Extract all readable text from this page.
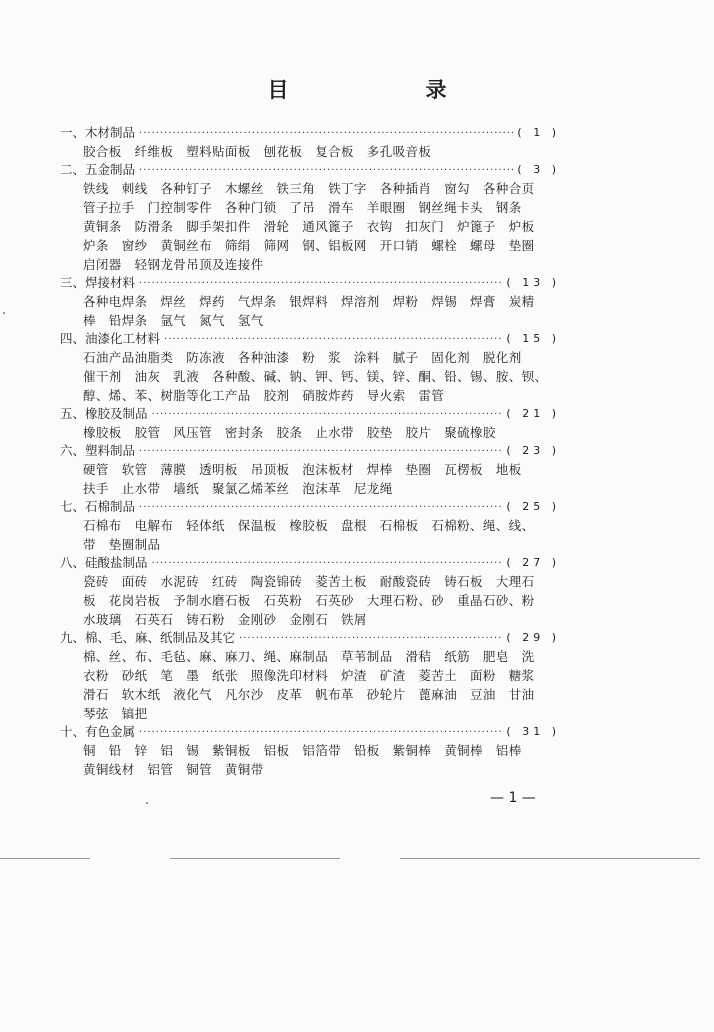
目　录
一、木材制品 ·····	( 1 )
胶合板　纤维板　塑料贴面板　刨花板　复合板　多孔吸音板
二、五金制品 ·····	( 3 )
铁线　刺线　各种钉子　木螺丝　铁三角　铁丁字　各种插肖　窗勾　各种合页
管子拉手　门控制零件　各种门锁　了吊　滑车　羊眼圈　钢丝绳卡头　钢条
黄铜条　防滑条　脚手架扣件　滑轮　通风篦子　衣钩　扣灰门　炉篦子　炉板
炉条　窗纱　黄铜丝布　筛绢　筛网　钢、铝板网　开口销　螺栓　螺母　垫圈
启闭器　轻钢龙骨吊顶及连接件
三、焊接材料 ·····	( 13 )
各种电焊条　焊丝　焊药　气焊条　银焊料　焊溶剂　焊粉　焊锡　焊膏　炭精
棒　铅焊条　氩气　氮气　氢气
四、油漆化工材料 ·····	( 15 )
石油产品油脂类　防冻液　各种油漆　粉　浆　涂料　腻子　固化剂　脱化剂
催干剂　油灰　乳液　各种酸、碱、钠、钾、钙、镁、锌、酮、铅、锡、胺、钡、
醇、烯、苯、树脂等化工产品　胶剂　硝胺炸药　导火索　雷管
五、橡胶及制品 ·····	( 21 )
橡胶板　胶管　风压管　密封条　胶条　止水带　胶垫　胶片　聚硫橡胶
六、塑料制品 ·····	( 23 )
硬管　软管　薄膜　透明板　吊顶板　泡沫板材　焊棒　垫圈　瓦楞板　地板
扶手　止水带　墙纸　聚氯乙烯苯丝　泡沫革　尼龙绳
七、石棉制品 ·····	( 25 )
石棉布　电解布　轻体纸　保温板　橡胶板　盘根　石棉板　石棉粉、绳、线、
带　垫圈制品
八、硅酸盐制品 ·····	( 27 )
瓷砖　面砖　水泥砖　红砖　陶瓷锦砖　菱苦土板　耐酸瓷砖　铸石板　大理石
板　花岗岩板　予制水磨石板　石英粉　石英砂　大理石粉、砂　重晶石砂、粉
水玻璃　石英石　铸石粉　金刚砂　金刚石　铁屑
九、棉、毛、麻、纸制品及其它 ·····	( 29 )
棉、丝、布、毛毡、麻、麻刀、绳、麻制品　草苇制品　滑秸　纸筋　肥皂　洗
衣粉　砂纸　笔　墨　纸张　照像洗印材料　炉渣　矿渣　菱苦土　面粉　糖浆
滑石　软木纸　液化气　凡尔沙　皮革　帆布革　砂轮片　蓖麻油　豆油　甘油
琴弦　镐把
十、有色金属 ·····	( 31 )
铜　铅　锌　铝　锡　紫铜板　铝板　铝箔带　铅板　紫铜棒　黄铜棒　铝棒
黄铜线材　铝管　铜管　黄铜带
— 1 —
